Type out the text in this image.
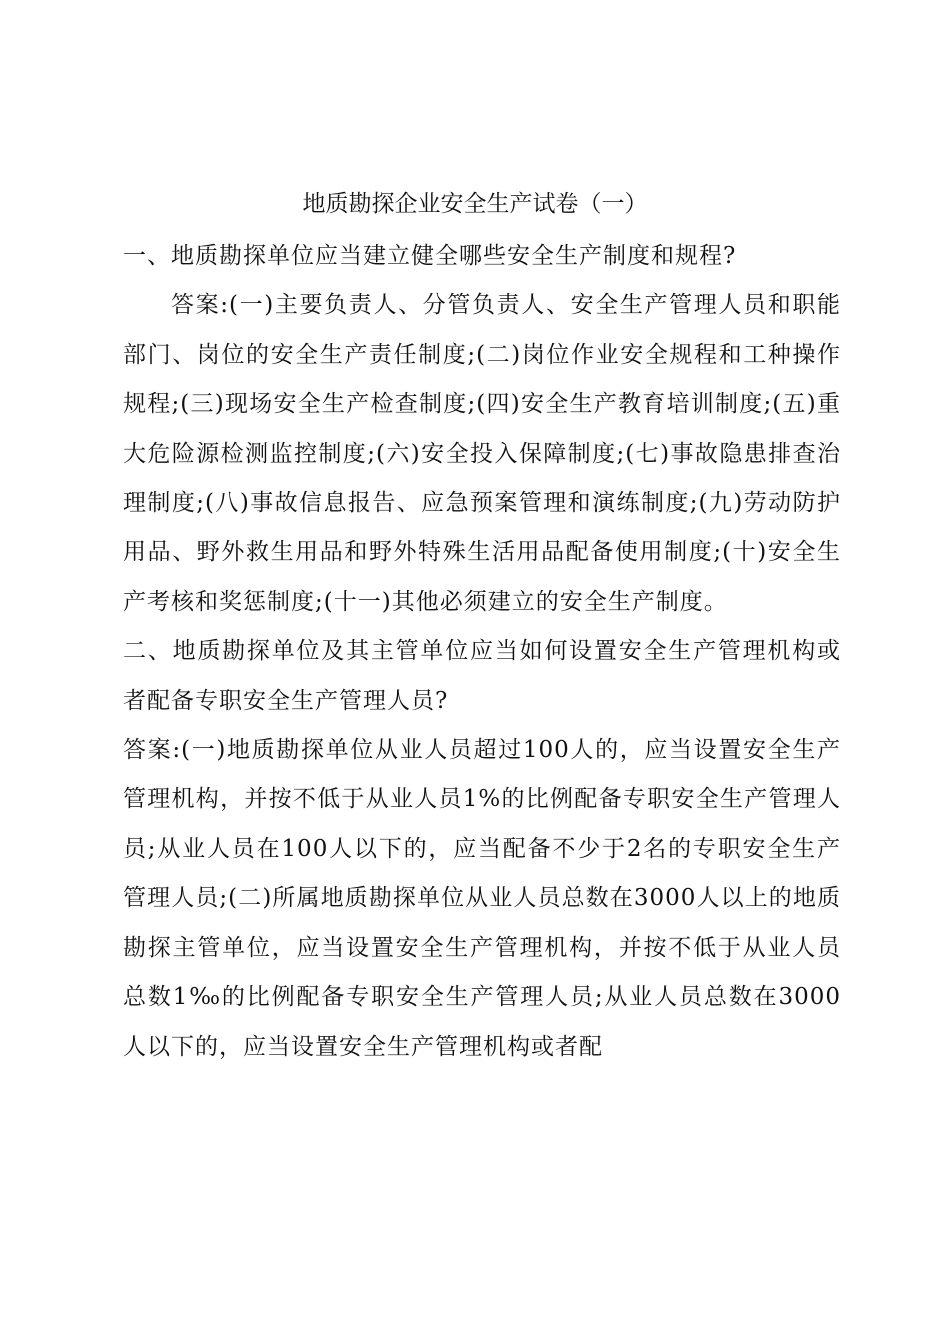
地质勘探企业安全生产试卷（一）

一、地质勘探单位应当建立健全哪些安全生产制度和规程?

答案:(一)主要负责人、分管负责人、安全生产管理人员和职能部门、岗位的安全生产责任制度;(二)岗位作业安全规程和工种操作规程;(三)现场安全生产检查制度;(四)安全生产教育培训制度;(五)重大危险源检测监控制度;(六)安全投入保障制度;(七)事故隐患排查治理制度;(八)事故信息报告、应急预案管理和演练制度;(九)劳动防护用品、野外救生用品和野外特殊生活用品配备使用制度;(十)安全生产考核和奖惩制度;(十一)其他必须建立的安全生产制度。

二、地质勘探单位及其主管单位应当如何设置安全生产管理机构或者配备专职安全生产管理人员?

答案:(一)地质勘探单位从业人员超过100人的，应当设置安全生产管理机构，并按不低于从业人员1%的比例配备专职安全生产管理人员;从业人员在100人以下的，应当配备不少于2名的专职安全生产管理人员;(二)所属地质勘探单位从业人员总数在3000人以上的地质勘探主管单位，应当设置安全生产管理机构，并按不低于从业人员总数1‰的比例配备专职安全生产管理人员;从业人员总数在3000人以下的，应当设置安全生产管理机构或者配
